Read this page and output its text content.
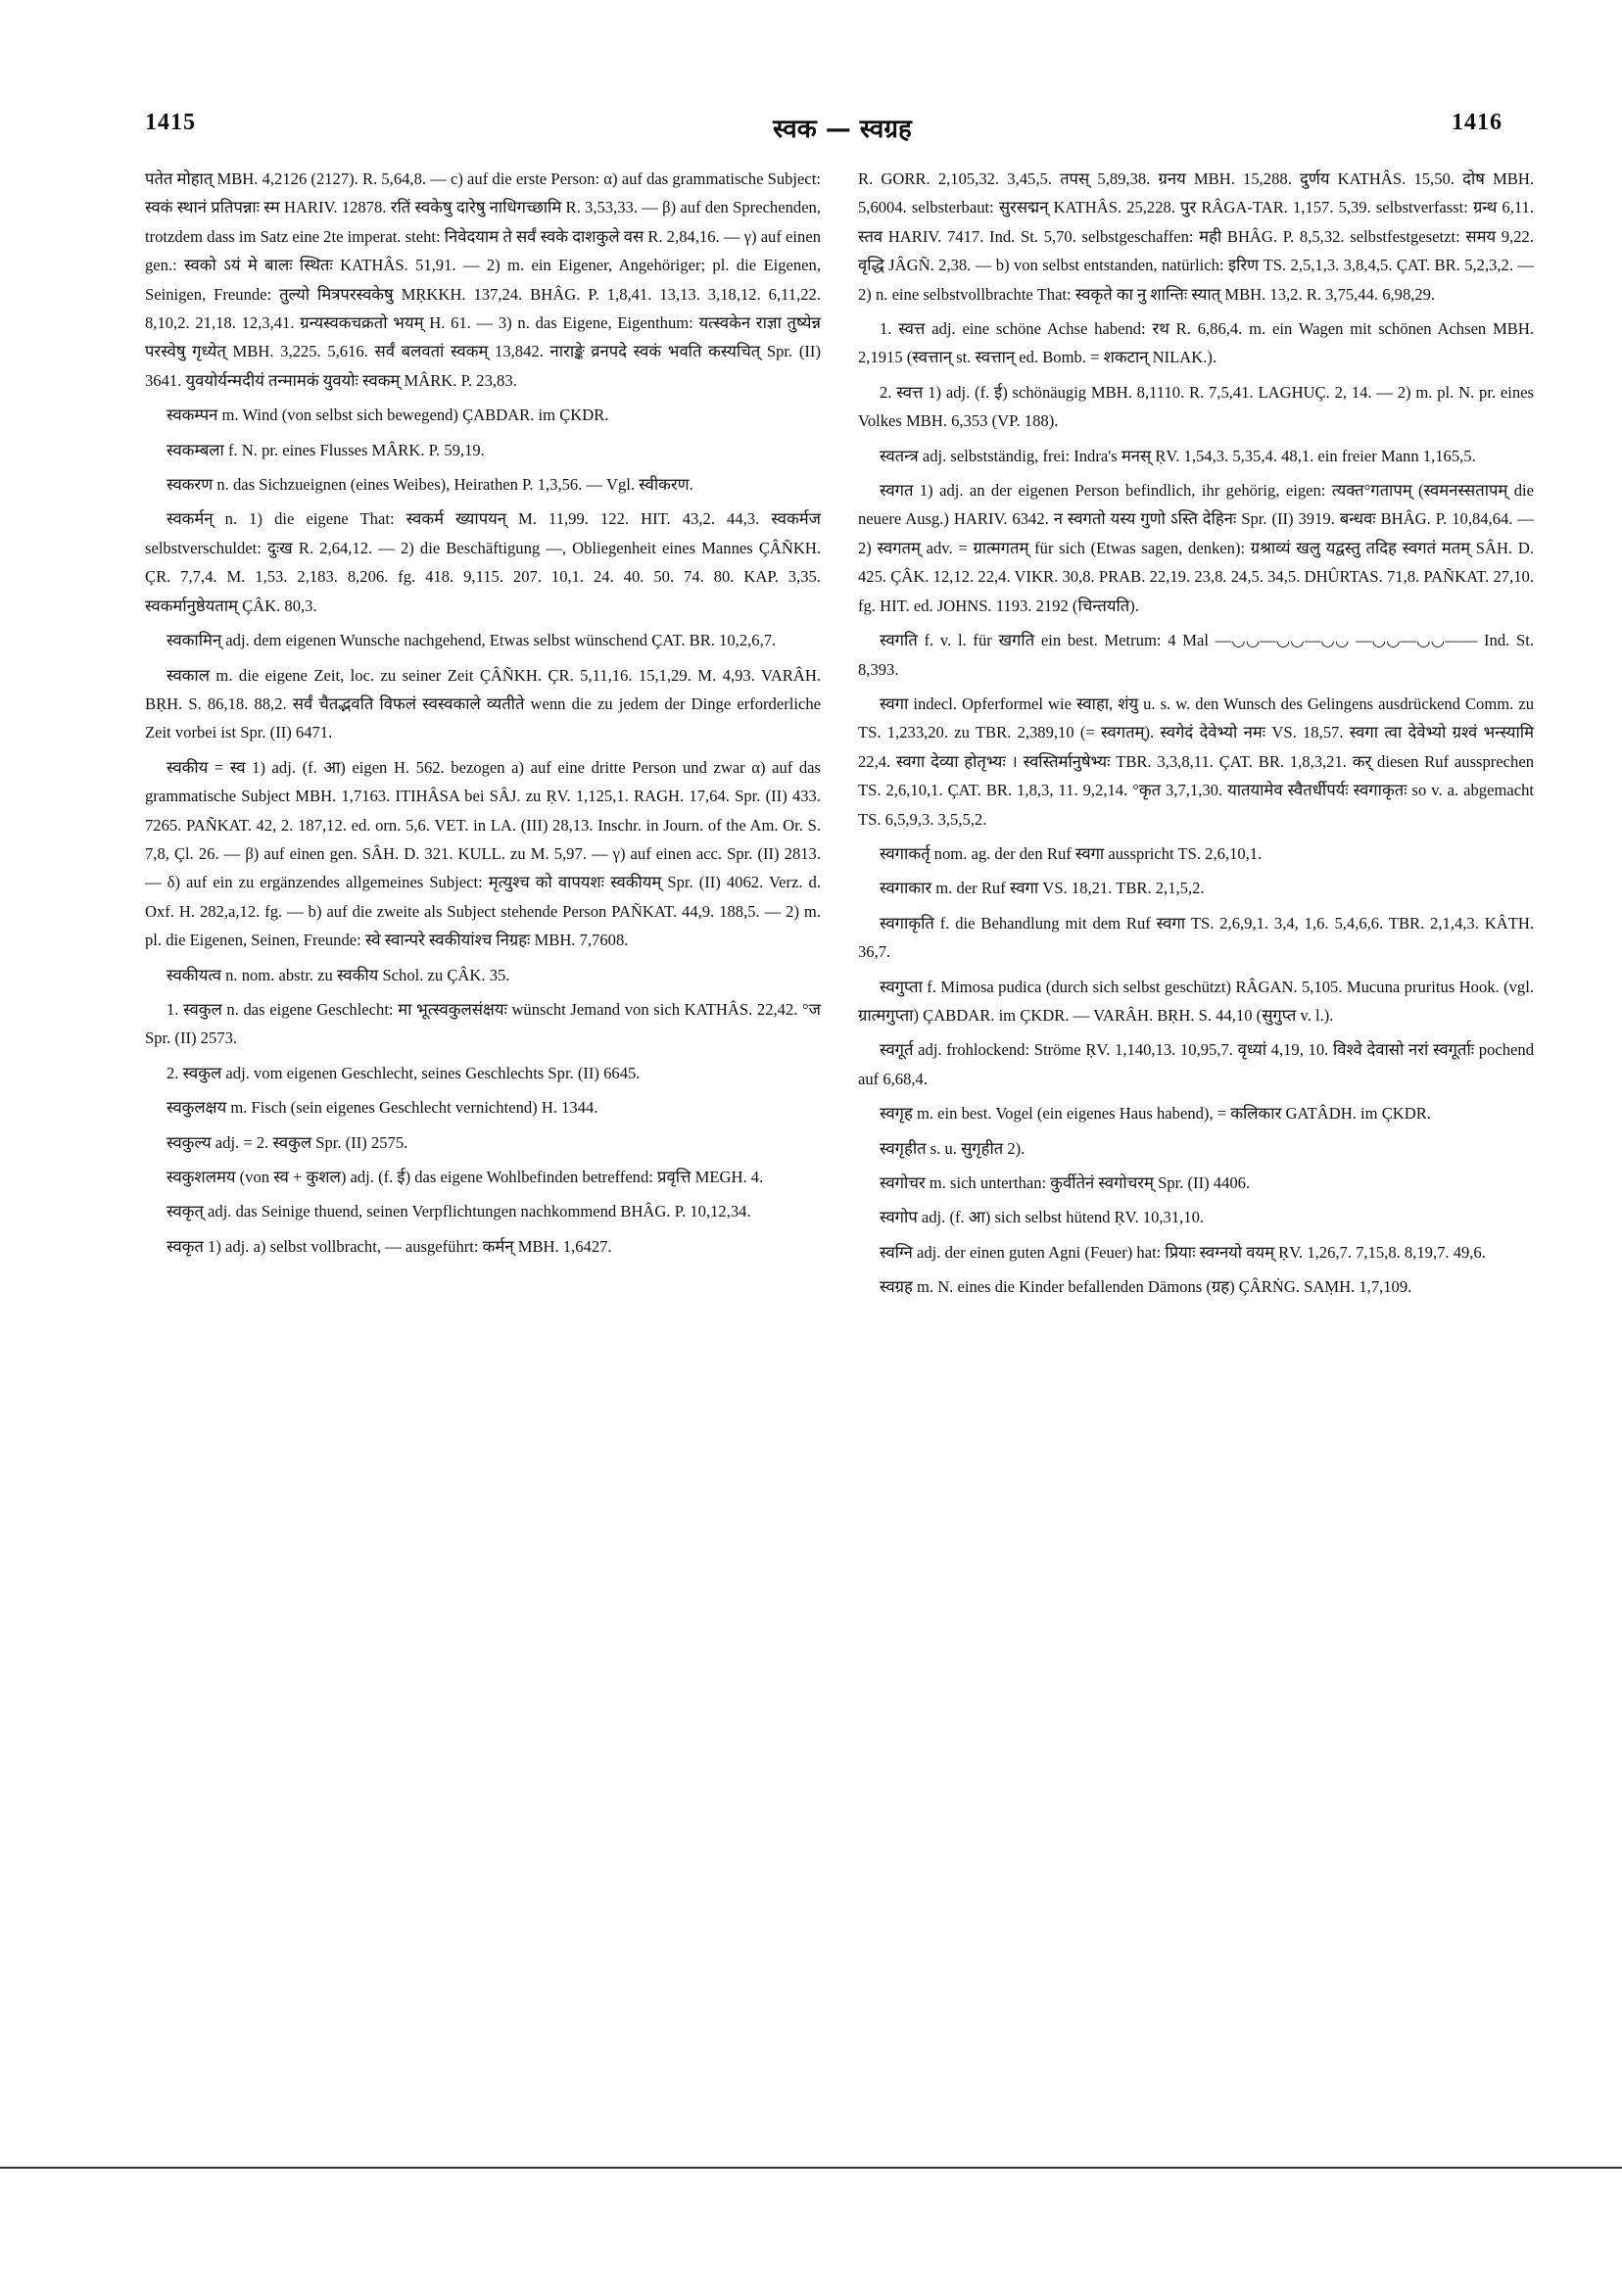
1415	स्वक — स्वग्रह	1416

पतेत मोहात् MBH. 4,2126 (2127). R. 5,64,8. — c) auf die erste Person: α) auf das grammatische Subject: स्वकं स्थानं प्रतिपन्नाः स्म HARIV. 12878. रतिं स्वकेषु दारेषु नाधिगच्छामि R. 3,53,33. — β) auf den Sprechenden, trotzdem dass im Satz eine 2te imperat. steht: निवेदयाम ते सर्वं स्वके दाशकुले वस R. 2,84,16. — γ) auf einen gen.: स्वको ऽयं मे बालः स्थितः KATHÂS. 51,91. — 2) m. ein Eigener, Angehöriger; pl. die Eigenen, Seinigen, Freunde: तुल्यो मित्रपरस्वकेषु MṚKKH. 137,24. BHÂG. P. 1,8,41. 13,13. 3,18,12. 6,11,22. 8,10,2. 21,18. 12,3,41. ग्रन्यस्वकचक्रतो भयम् H. 61. — 3) n. das Eigene, Eigenthum: यत्स्वकेन राज्ञा तुष्येन्न परस्वेषु गृध्येत् MBH. 3,225. 5,616. सर्वं बलवतां स्वकम् 13,842. नाराङ्के व्रनपदे स्वकं भवति कस्यचित् Spr. (II) 3641. युवयोर्यन्मदीयं तन्मामकं युवयोः स्वकम् MÂRK. P. 23,83.

स्वकम्पन m. Wind (von selbst sich bewegend) ÇABDAR. im ÇKDR.

स्वकम्बला f. N. pr. eines Flusses MÂRK. P. 59,19.

स्वकरण n. das Sichzueignen (eines Weibes), Heirathen P. 1,3,56. — Vgl. स्वीकरण.

स्वकर्मन् n. 1) die eigene That: स्वकर्म ख्यापयन् M. 11,99. 122. HIT. 43,2. 44,3. स्वकर्मज selbstverschuldet: दुःख R. 2,64,12. — 2) die Beschäftigung —, Obliegenheit eines Mannes ÇÂÑKH. ÇR. 7,7,4. M. 1,53. 2,183. 8,206. fg. 418. 9,115. 207. 10,1. 24. 40. 50. 74. 80. KAP. 3,35. स्वकर्मानुष्ठेयताम् ÇÂK. 80,3.

स्वकामिन् adj. dem eigenen Wunsche nachgehend, Etwas selbst wünschend ÇAT. BR. 10,2,6,7.

स्वकाल m. die eigene Zeit, loc. zu seiner Zeit ÇÂÑKH. ÇR. 5,11,16. 15,1,29. M. 4,93. VARÂH. BṚH. S. 86,18. 88,2. सर्वं चैतद्भवति विफलं स्वस्वकाले व्यतीते wenn die zu jedem der Dinge erforderliche Zeit vorbei ist Spr. (II) 6471.

स्वकीय = स्व 1) adj. (f. आ) eigen H. 562. bezogen a) auf eine dritte Person und zwar α) auf das grammatische Subject MBH. 1,7163. ITIHÂSA bei SÂJ. zu ṚV. 1,125,1. RAGH. 17,64. Spr. (II) 433. 7265. PAÑKAT. 42, 2. 187,12. ed. orn. 5,6. VET. in LA. (III) 28,13. Inschr. in Journ. of the Am. Or. S. 7,8, Çl. 26. — β) auf einen gen. SÂH. D. 321. KULL. zu M. 5,97. — γ) auf einen acc. Spr. (II) 2813. — δ) auf ein zu ergänzendes allgemeines Subject: मृत्युश्च को वापयशः स्वकीयम् Spr. (II) 4062. Verz. d. Oxf. H. 282,a,12. fg. — b) auf die zweite als Subject stehende Person PAÑKAT. 44,9. 188,5. — 2) m. pl. die Eigenen, Seinen, Freunde: स्वे स्वान्परे स्वकीयांश्च निग्रहः MBH. 7,7608.

स्वकीयत्व n. nom. abstr. zu स्वकीय Schol. zu ÇÂK. 35.

1. स्वकुल n. das eigene Geschlecht: मा भूत्स्वकुलसंक्षयः wünscht Jemand von sich KATHÂS. 22,42. °ज Spr. (II) 2573.

2. स्वकुल adj. vom eigenen Geschlecht, seines Geschlechts Spr. (II) 6645.

स्वकुलक्षय m. Fisch (sein eigenes Geschlecht vernichtend) H. 1344.

स्वकुल्य adj. = 2. स्वकुल Spr. (II) 2575.

स्वकुशलमय (von स्व + कुशल) adj. (f. ई) das eigene Wohlbefinden betreffend: प्रवृत्ति MEGH. 4.

स्वकृत् adj. das Seinige thuend, seinen Verpflichtungen nachkommend BHÂG. P. 10,12,34.

स्वकृत 1) adj. a) selbst vollbracht, — ausgeführt: कर्मन् MBH. 1,6427.

R. GORR. 2,105,32. 3,45,5. तपस् 5,89,38. ग्रनय MBH. 15,288. दुर्णय KATHÂS. 15,50. दोष MBH. 5,6004. selbsterbaut: सुरसद्मन् KATHÂS. 25,228. पुर RÂGA-TAR. 1,157. 5,39. selbstverfasst: ग्रन्थ 6,11. स्तव HARIV. 7417. Ind. St. 5,70. selbstgeschaffen: मही BHÂG. P. 8,5,32. selbstfestgesetzt: समय 9,22. वृद्धि JÂGÑ. 2,38. — b) von selbst entstanden, natürlich: इरिण TS. 2,5,1,3. 3,8,4,5. ÇAT. BR. 5,2,3,2. — 2) n. eine selbstvollbrachte That: स्वकृते का नु शान्तिः स्यात् MBH. 13,2. R. 3,75,44. 6,98,29.

1. स्वत्त adj. eine schöne Achse habend: रथ R. 6,86,4. m. ein Wagen mit schönen Achsen MBH. 2,1915 (स्वत्तान् st. स्वत्तान् ed. Bomb. = शकटान् NILAK.).

2. स्वत्त 1) adj. (f. ई) schönäugig MBH. 8,1110. R. 7,5,41. LAGHUÇ. 2, 14. — 2) m. pl. N. pr. eines Volkes MBH. 6,353 (VP. 188).

स्वतन्त्र adj. selbstständig, frei: Indra's मनस् ṚV. 1,54,3. 5,35,4. 48,1. ein freier Mann 1,165,5.

स्वगत 1) adj. an der eigenen Person befindlich, ihr gehörig, eigen: त्यक्त°गतापम् (स्वमनस्सतापम् die neuere Ausg.) HARIV. 6342. न स्वगतो यस्य गुणो ऽस्ति देहिनः Spr. (II) 3919. बन्धवः BHÂG. P. 10,84,64. — 2) स्वगतम् adv. = ग्रात्मगतम् für sich (Etwas sagen, denken): ग्रश्राव्यं खलु यद्वस्तु तदिह स्वगतं मतम् SÂH. D. 425. ÇÂK. 12,12. 22,4. VIKR. 30,8. PRAB. 22,19. 23,8. 24,5. 34,5. DHÛRTAS. 71,8. PAÑKAT. 27,10. fg. HIT. ed. JOHNS. 1193. 2192 (चिन्तयति).

स्वगति f. v. l. für खगति ein best. Metrum: 4 Mal —◡◡—◡◡—◡◡ —◡◡—◡◡—— Ind. St. 8,393.

स्वगा indecl. Opferformel wie स्वाहा, शंयु u. s. w. den Wunsch des Gelingens ausdrückend Comm. zu TS. 1,233,20. zu TBR. 2,389,10 (= स्वगतम्). स्वगेदं देवेभ्यो नमः VS. 18,57. स्वगा त्वा देवेभ्यो ग्रश्वं भन्स्यामि 22,4. स्वगा देव्या होतृभ्यः । स्वस्तिर्मानुषेभ्यः TBR. 3,3,8,11. ÇAT. BR. 1,8,3,21. कर् diesen Ruf aussprechen TS. 2,6,10,1. ÇAT. BR. 1,8,3, 11. 9,2,14. °कृत 3,7,1,30. यातयामेव स्वैतर्धीपर्यः स्वगाकृतः so v. a. abgemacht TS. 6,5,9,3. 3,5,5,2.

स्वगाकर्तृ nom. ag. der den Ruf स्वगा ausspricht TS. 2,6,10,1.

स्वगाकार m. der Ruf स्वगा VS. 18,21. TBR. 2,1,5,2.

स्वगाकृति f. die Behandlung mit dem Ruf स्वगा TS. 2,6,9,1. 3,4, 1,6. 5,4,6,6. TBR. 2,1,4,3. KÂTH. 36,7.

स्वगुप्ता f. Mimosa pudica (durch sich selbst geschützt) RÂGAN. 5,105. Mucuna pruritus Hook. (vgl. ग्रात्मगुप्ता) ÇABDAR. im ÇKDR. — VARÂH. BṚH. S. 44,10 (सुगुप्त v. l.).

स्वगूर्त adj. frohlockend: Ströme ṚV. 1,140,13. 10,95,7. वृध्यां 4,19, 10. विश्वे देवासो नरां स्वगूर्ताः pochend auf 6,68,4.

स्वगृह m. ein best. Vogel (ein eigenes Haus habend), = कलिकार GATÂDH. im ÇKDR.

स्वगृहीत s. u. सुगृहीत 2).

स्वगोचर m. sich unterthan: कुर्वीतेनं स्वगोचरम् Spr. (II) 4406.

स्वगोप adj. (f. आ) sich selbst hütend ṚV. 10,31,10.

स्वग्नि adj. der einen guten Agni (Feuer) hat: प्रियाः स्वग्नयो वयम् ṚV. 1,26,7. 7,15,8. 8,19,7. 49,6.

स्वग्रह m. N. eines die Kinder befallenden Dämons (ग्रह) ÇÂRṄG. SAṂH. 1,7,109.
